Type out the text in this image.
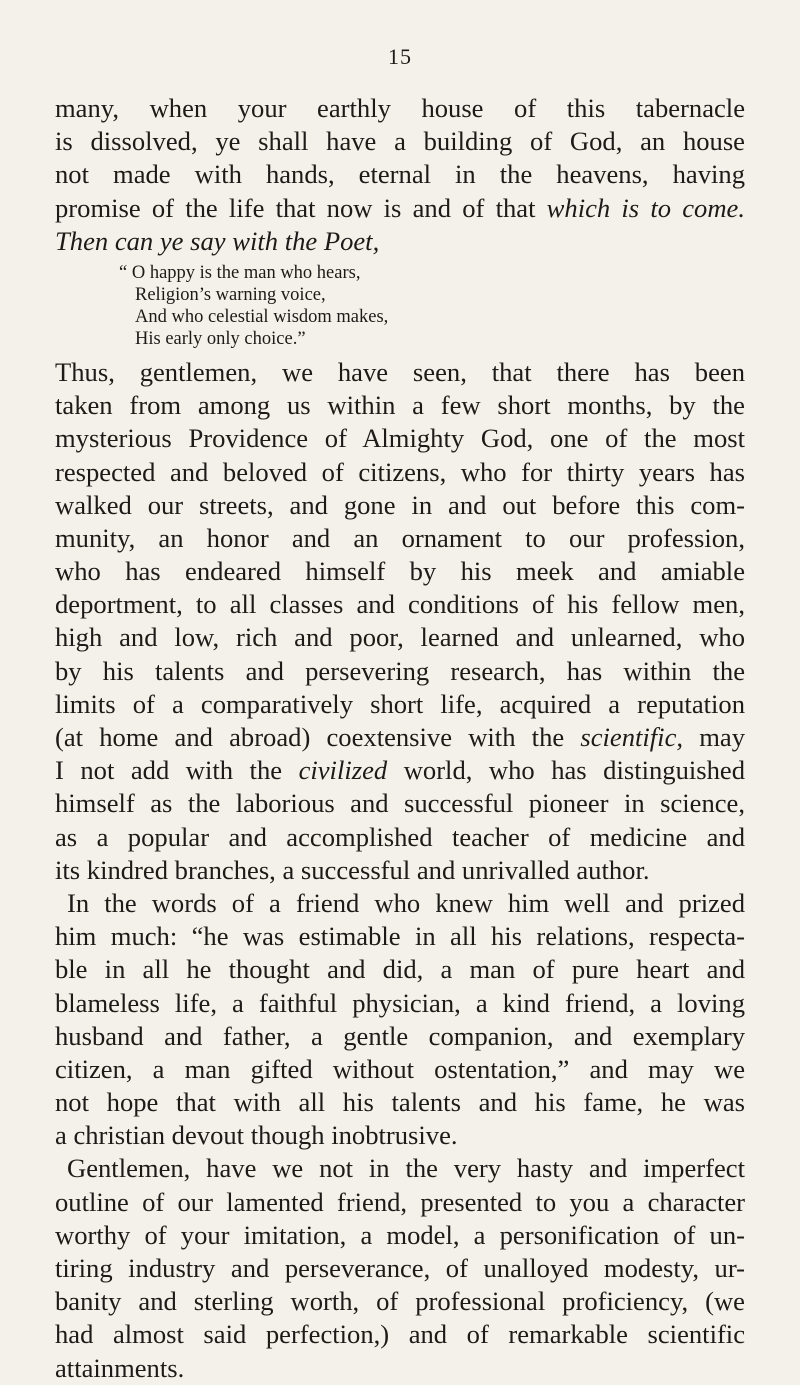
15
many, when your earthly house of this tabernacle
is dissolved, ye shall have a building of God, an house
not made with hands, eternal in the heavens, having
promise of the life that now is and of that which is to come.
Then can ye say with the Poet,
“ O happy is the man who hears,
Religion’s warning voice,
And who celestial wisdom makes,
His early only choice.”
Thus, gentlemen, we have seen, that there has been
taken from among us within a few short months, by the
mysterious Providence of Almighty God, one of the most
respected and beloved of citizens, who for thirty years has
walked our streets, and gone in and out before this com-
munity, an honor and an ornament to our profession,
who has endeared himself by his meek and amiable
deportment, to all classes and conditions of his fellow men,
high and low, rich and poor, learned and unlearned, who
by his talents and persevering research, has within the
limits of a comparatively short life, acquired a reputation
(at home and abroad) coextensive with the scientific, may
I not add with the civilized world, who has distinguished
himself as the laborious and successful pioneer in science,
as a popular and accomplished teacher of medicine and
its kindred branches, a successful and unrivalled author.
In the words of a friend who knew him well and prized
him much: “he was estimable in all his relations, respecta-
ble in all he thought and did, a man of pure heart and
blameless life, a faithful physician, a kind friend, a loving
husband and father, a gentle companion, and exemplary
citizen, a man gifted without ostentation,” and may we
not hope that with all his talents and his fame, he was
a christian devout though inobtrusive.
Gentlemen, have we not in the very hasty and imperfect
outline of our lamented friend, presented to you a character
worthy of your imitation, a model, a personification of un-
tiring industry and perseverance, of unalloyed modesty, ur-
banity and sterling worth, of professional proficiency, (we
had almost said perfection,) and of remarkable scientific
attainments.
